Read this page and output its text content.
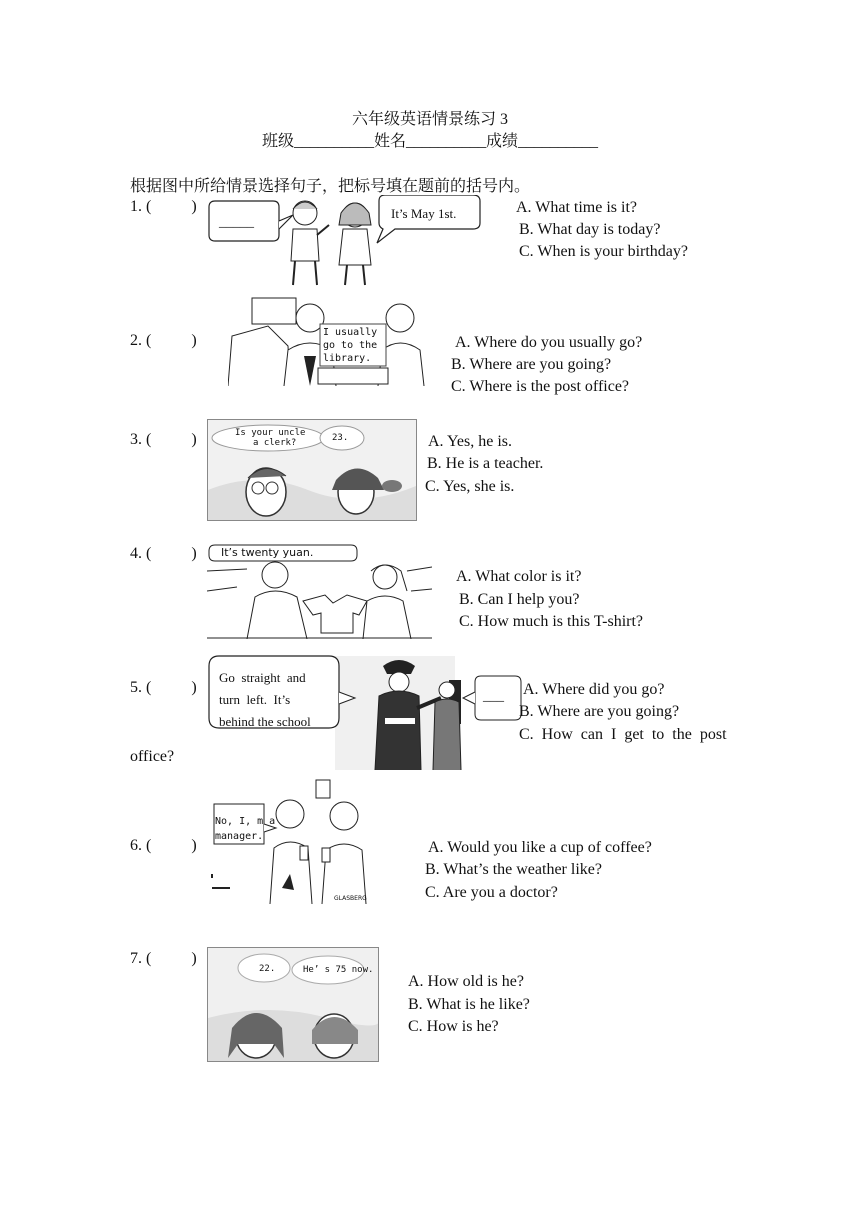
六年级英语情景练习 3
班级__________姓名__________成绩__________
根据图中所给情景选择句子，把标号填在题前的括号内。
1. (          )
_____
It’s May 1st.	A. What time is it?
B. What day is today?
C. When is your birthday?
2. (          )	I usually
go to the
library.
A. Where do you usually go?
B. Where are you going?
C. Where is the post office?
3. (          )	Is your uncle
a clerk?	23.	A. Yes, he is.
B. He is a teacher.
C. Yes, she is.
4. (          ) It’s twenty yuan.
A. What color is it?
B. Can I help you?
C. How much is this T-shirt?
5. (          )
Go  straight  and
turn  left.  It’s
behind the school
___ A. Where did you go?
B. Where are you going?
C.  How  can  I  get  to  the  post
office?
6. (          )
No, I, m a
manager.
GLASBERG
A. Would you like a cup of coffee?
B. What’s the weather like?
C. Are you a doctor?
7. (          )
22.	He’ s 75 now.
A. How old is he?
B. What is he like?
C. How is he?
